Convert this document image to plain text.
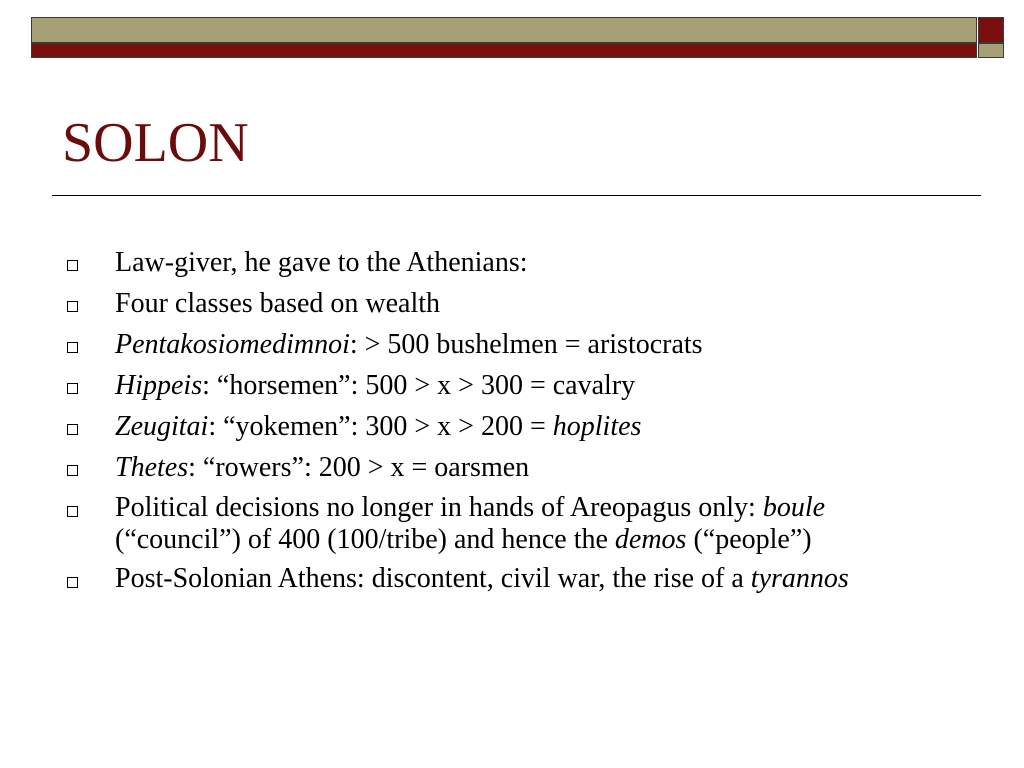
SOLON
Law-giver, he gave to the Athenians:
Four classes based on wealth
Pentakosiomedimnoi: > 500 bushelmen = aristocrats
Hippeis: “horsemen”: 500 > x > 300 = cavalry
Zeugitai: “yokemen”: 300 > x > 200 = hoplites
Thetes: “rowers”: 200 > x = oarsmen
Political decisions no longer in hands of Areopagus only: boule (“council”) of 400 (100/tribe) and hence the demos (“people”)
Post-Solonian Athens: discontent, civil war, the rise of a tyrannos
